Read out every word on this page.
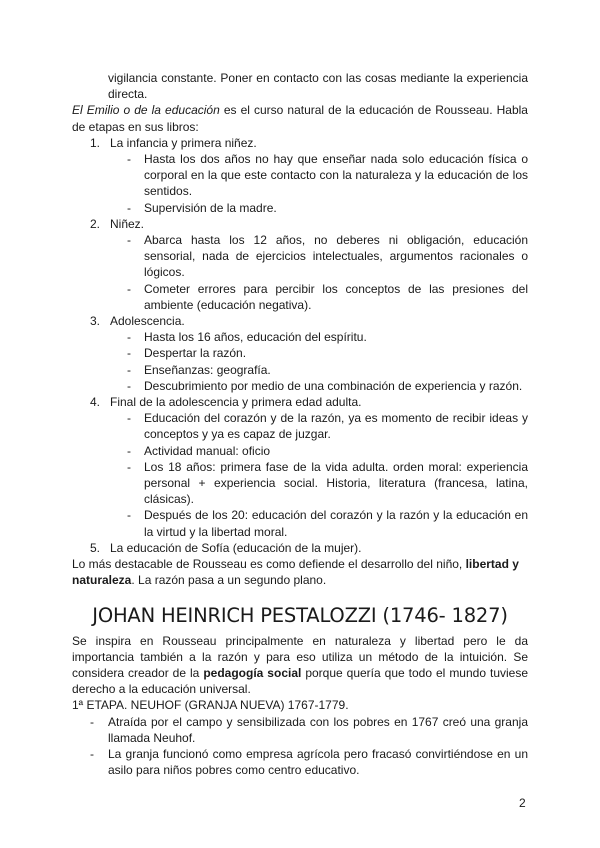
vigilancia constante. Poner en contacto con las cosas mediante la experiencia directa.

El Emilio o de la educación es el curso natural de la educación de Rousseau. Habla de etapas en sus libros:

1. La infancia y primera niñez.
- Hasta los dos años no hay que enseñar nada solo educación física o corporal en la que este contacto con la naturaleza y la educación de los sentidos.
- Supervisión de la madre.
2. Niñez.
- Abarca hasta los 12 años, no deberes ni obligación, educación sensorial, nada de ejercicios intelectuales, argumentos racionales o lógicos.
- Cometer errores para percibir los conceptos de las presiones del ambiente (educación negativa).
3. Adolescencia.
- Hasta los 16 años, educación del espíritu.
- Despertar la razón.
- Enseñanzas: geografía.
- Descubrimiento por medio de una combinación de experiencia y razón.
4. Final de la adolescencia y primera edad adulta.
- Educación del corazón y de la razón, ya es momento de recibir ideas y conceptos y ya es capaz de juzgar.
- Actividad manual: oficio
- Los 18 años: primera fase de la vida adulta. orden moral: experiencia personal + experiencia social. Historia, literatura (francesa, latina, clásicas).
- Después de los 20: educación del corazón y la razón y la educación en la virtud y la libertad moral.
5. La educación de Sofía (educación de la mujer).

Lo más destacable de Rousseau es como defiende el desarrollo del niño, libertad y naturaleza. La razón pasa a un segundo plano.

JOHAN HEINRICH PESTALOZZI (1746- 1827)

Se inspira en Rousseau principalmente en naturaleza y libertad pero le da importancia también a la razón y para eso utiliza un método de la intuición. Se considera creador de la pedagogía social porque quería que todo el mundo tuviese derecho a la educación universal.

1ª ETAPA. NEUHOF (GRANJA NUEVA) 1767-1779.

- Atraída por el campo y sensibilizada con los pobres en 1767 creó una granja llamada Neuhof.
- La granja funcionó como empresa agrícola pero fracasó convirtiéndose en un asilo para niños pobres como centro educativo.
2
